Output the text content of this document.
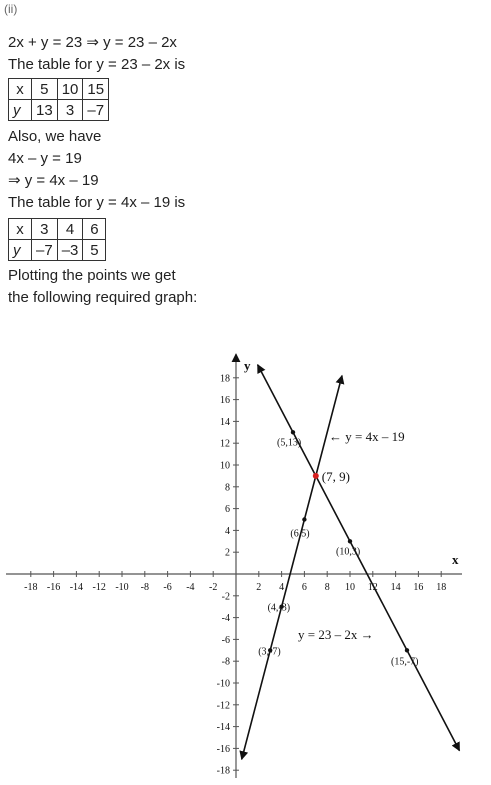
(ii)
2x + y = 23 ⇒ y = 23 – 2x
The table for y = 23 – 2x is
x	5	10	15
y	13	3	–7
Also, we have
4x – y = 19
⇒ y = 4x – 19
The table for y = 4x – 19 is
x	3	4	6
y	–7	–3	5
Plotting the points we get
the following required graph:
x
y
-18 -16 -14 -12 -10 -8 -6 -4 -2	2 4 6 8 10 12 14 16 18
-18
-16
-14
-12
-10
-8
-6
-4
-2
2
4
6
8
10
12
14
16
18
(5,13)
(10,3)
(15,-7)
(3,-7)
(4,-3)
(6,5)
(7, 9)
← y = 4x – 19
y = 23 – 2x →
